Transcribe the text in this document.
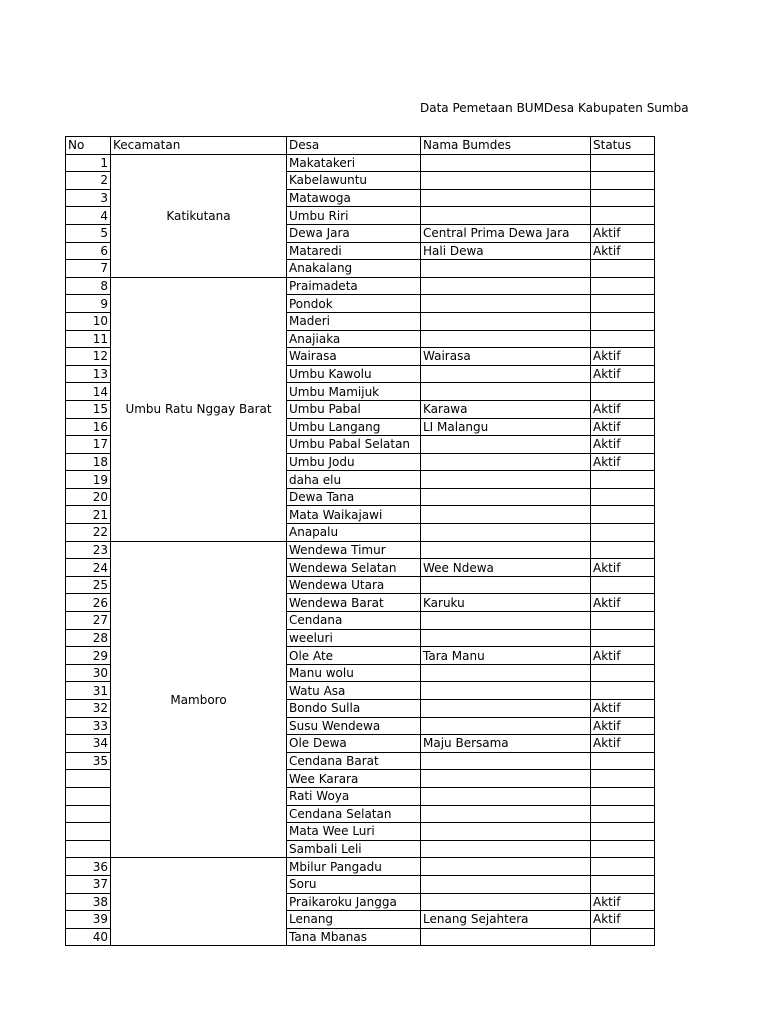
Data Pemetaan BUMDesa Kabupaten Sumba
No	Kecamatan	Desa	Nama Bumdes	Status
1	Katikutana	Makatakeri		
2		Kabelawuntu		
3		Matawoga		
4		Umbu Riri		
5		Dewa Jara	Central Prima Dewa Jara	Aktif
6		Mataredi	Hali Dewa	Aktif
7		Anakalang		
8	Umbu Ratu Nggay Barat	Praimadeta		
9		Pondok		
10		Maderi		
11		Anajiaka		
12		Wairasa	Wairasa	Aktif
13		Umbu Kawolu		Aktif
14		Umbu Mamijuk		
15		Umbu Pabal	Karawa	Aktif
16		Umbu Langang	LI Malangu	Aktif
17		Umbu Pabal Selatan		Aktif
18		Umbu Jodu		Aktif
19		daha elu		
20		Dewa Tana		
21		Mata Waikajawi		
22		Anapalu		
23	Mamboro	Wendewa Timur		
24		Wendewa Selatan	Wee Ndewa	Aktif
25		Wendewa Utara		
26		Wendewa Barat	Karuku	Aktif
27		Cendana		
28		weeluri		
29		Ole Ate	Tara Manu	Aktif
30		Manu wolu		
31		Watu Asa		
32		Bondo Sulla		Aktif
33		Susu Wendewa		Aktif
34		Ole Dewa	Maju Bersama	Aktif
35		Cendana Barat		
		Wee Karara		
		Rati Woya		
		Cendana Selatan		
		Mata Wee Luri		
		Sambali Leli		
36		Mbilur Pangadu		
37		Soru		
38		Praikaroku Jangga		Aktif
39		Lenang	Lenang Sejahtera	Aktif
40		Tana Mbanas		
